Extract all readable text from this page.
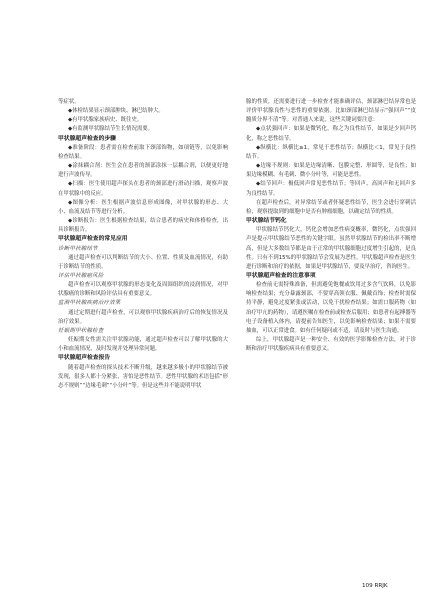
等症状。

◆体检结果显示颈部肿块、淋巴结肿大。

◆有甲状腺家族病史、既往史。

◆有监测甲状腺结节生长情况需要。

甲状腺超声检查的步骤

◆准备阶段：患者需在检查前取下颈部饰物，如项链等，以免影响检查结果。

◆涂抹耦合剂：医生会在患者的颈部涂抹一层耦合剂，以便更好地进行声波传导。

◆扫描：医生使用超声探头在患者的颈部进行滑动扫描，观察声波在甲状腺中的反应。

◆图像分析：医生根据声波信息形成图像，对甲状腺的形态、大小、血流及结节等进行分析。

◆诊断报告：医生根据检查结果，结合患者的病史和体格检查，出具诊断报告。

甲状腺超声检查的常见应用

诊断甲状腺结节

通过超声检查可以判断结节的大小、位置、性质及血流情况，有助于诊断结节的性质。

评估甲状腺癌风险

超声检查可以观察甲状腺的形态变化及周围组织的浸润情况，对甲状腺癌的诊断和风险评估具有重要意义。

监测甲状腺疾病治疗效果

通过定期进行超声检查，可以观察甲状腺疾病治疗后的恢复情况及治疗效果。

妊娠期甲状腺检查

妊娠期女性需关注甲状腺功能，通过超声检查可以了解甲状腺的大小和血流情况，及时发现并处理异常问题。

甲状腺超声检查报告

随着超声检查的探头技术不断升级，越来越多极小的甲状腺结节被发现，很多人都十分紧张，害怕是恶性结节。恶性甲状腺的术语包括“形态不规则”“边缘毛刺”“小分叶”等。但是这些并不能说明甲状

腺的性质，还需要进行进一步检查才能准确评估，颈部淋巴结异常也是评价甲状腺良性与恶性的重要依据。比如颈部淋巴结显示“强回声”“皮髓质分界不清”等。对普通人来说，这些关键词要注意：

◆点状强回声：如果是微钙化，称之为良性结节，如果是少回声钙化，称之恶性结节。

◆纵横比：纵横比≥1，常见于恶性结节；纵横比＜1，常见于良性结节。

◆边缘不规则：如果是边缘清晰、包膜完整、形圆等，是良性；如果边缘模糊、有毛刺、微小分叶等，可能是恶性。

◆结节回声：极低回声常见恶性结节；等回声、高回声和无回声多为良性结节。

在超声检查后，对异常结节或者怀疑恶性结节，医生会进行穿刺活检，观察提取到的细胞中是否有肿瘤细胞，以确定结节的性质。

甲状腺结节钙化

甲状腺结节钙化大，钙化会增加恶性病变概率，微钙化，点状强回声是提示甲状腺结节恶性的关键字眼。虽然甲状腺结节的检出率不断增高，但是大多数结节都是由于正常的甲状腺细胞过度增生引起的，是良性。只有不到15%的甲状腺结节会发展为恶性。甲状腺超声检查是医生进行诊断和治疗的依据，如果是甲状腺结节，要及早治疗，咨询医生。

甲状腺超声检查的注意事项

检查前无需特殊准备，但需避免饱餐或饮用过多含气饮料，以免影响检查结果；充分暴露颈部，不要穿高领衣服、佩戴首饰；检查时需保持平静，避免过度紧张或活动，以免干扰检查结果；如需口服药物（如治疗甲亢的药物），请遵医嘱在检查前或检查后服用；如患者有起搏器等电子设备植入体内，请提前告知医生，以免影响检查结果；如果不需要抽血，可以正常进食。如有任何疑问或不适，请及时与医生沟通。

综上，甲状腺超声是一种安全、有效的医学影像检查方法，对于诊断和治疗甲状腺疾病具有重要意义。

109 RRJK
